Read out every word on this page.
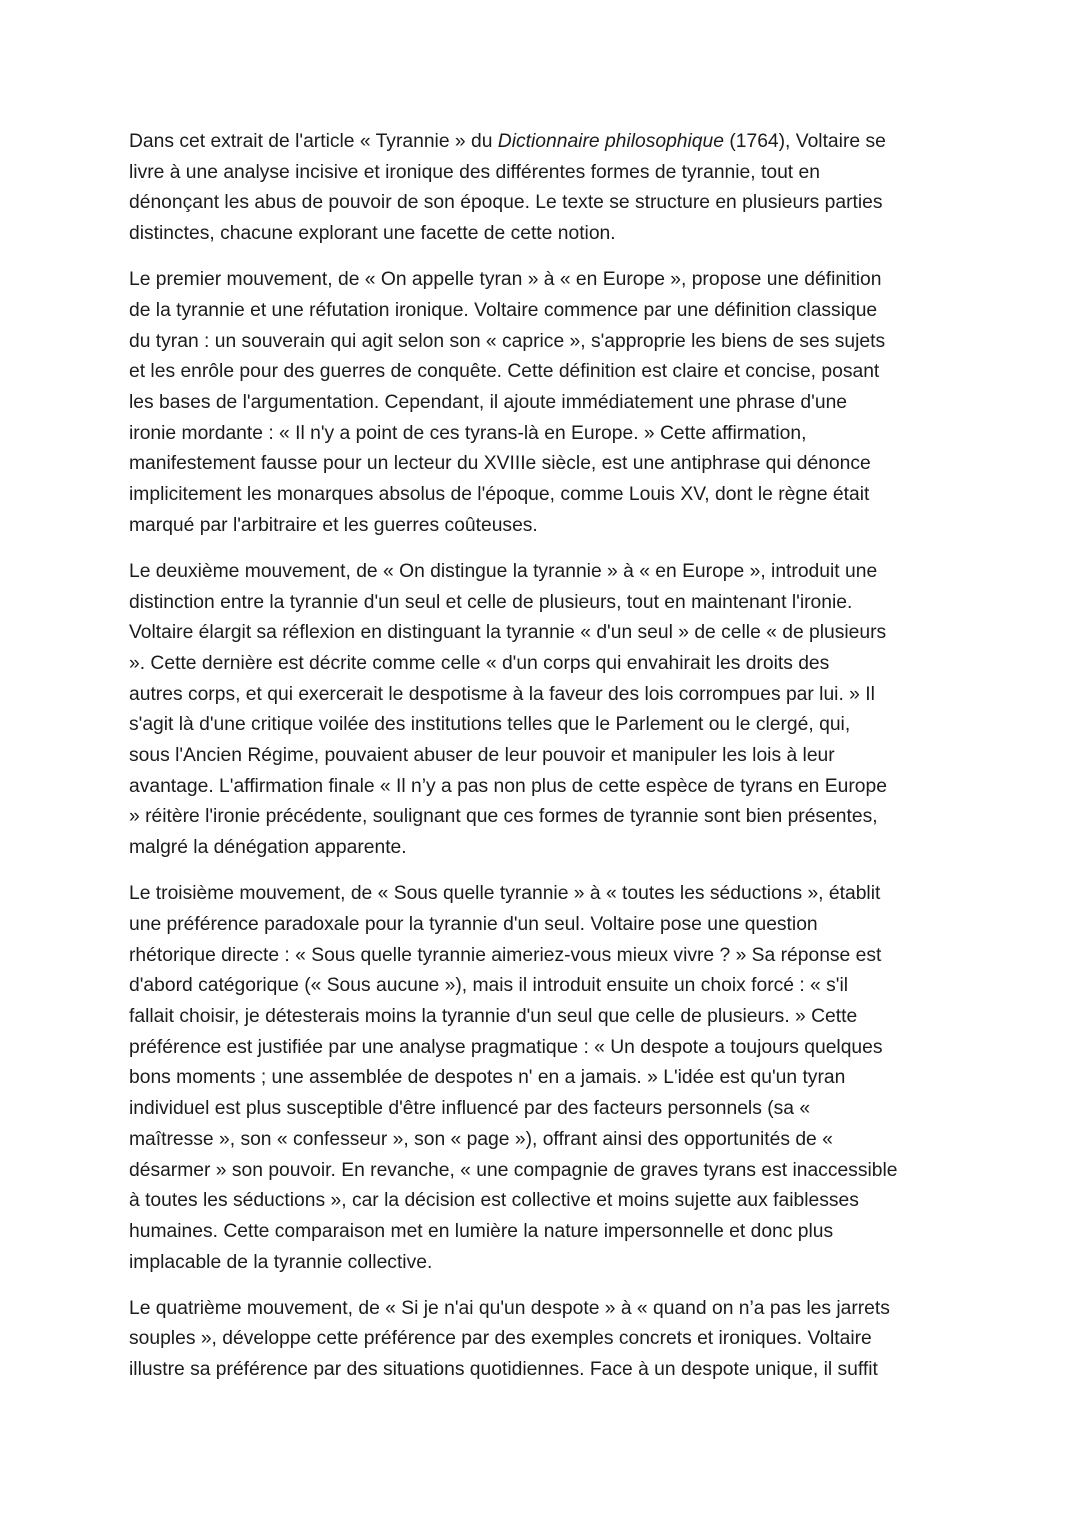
Dans cet extrait de l'article « Tyrannie » du Dictionnaire philosophique (1764), Voltaire se
livre à une analyse incisive et ironique des différentes formes de tyrannie, tout en
dénonçant les abus de pouvoir de son époque. Le texte se structure en plusieurs parties
distinctes, chacune explorant une facette de cette notion.
Le premier mouvement, de « On appelle tyran » à « en Europe », propose une définition
de la tyrannie et une réfutation ironique. Voltaire commence par une définition classique
du tyran : un souverain qui agit selon son « caprice », s'approprie les biens de ses sujets
et les enrôle pour des guerres de conquête. Cette définition est claire et concise, posant
les bases de l'argumentation. Cependant, il ajoute immédiatement une phrase d'une
ironie mordante : « Il n'y a point de ces tyrans-là en Europe. » Cette affirmation,
manifestement fausse pour un lecteur du XVIIIe siècle, est une antiphrase qui dénonce
implicitement les monarques absolus de l'époque, comme Louis XV, dont le règne était
marqué par l'arbitraire et les guerres coûteuses.
Le deuxième mouvement, de « On distingue la tyrannie » à « en Europe », introduit une
distinction entre la tyrannie d'un seul et celle de plusieurs, tout en maintenant l'ironie.
Voltaire élargit sa réflexion en distinguant la tyrannie « d'un seul » de celle « de plusieurs
». Cette dernière est décrite comme celle « d'un corps qui envahirait les droits des
autres corps, et qui exercerait le despotisme à la faveur des lois corrompues par lui. » Il
s'agit là d'une critique voilée des institutions telles que le Parlement ou le clergé, qui,
sous l'Ancien Régime, pouvaient abuser de leur pouvoir et manipuler les lois à leur
avantage. L'affirmation finale « Il n’y a pas non plus de cette espèce de tyrans en Europe
» réitère l'ironie précédente, soulignant que ces formes de tyrannie sont bien présentes,
malgré la dénégation apparente.
Le troisième mouvement, de « Sous quelle tyrannie » à « toutes les séductions », établit
une préférence paradoxale pour la tyrannie d'un seul. Voltaire pose une question
rhétorique directe : « Sous quelle tyrannie aimeriez-vous mieux vivre ? » Sa réponse est
d'abord catégorique (« Sous aucune »), mais il introduit ensuite un choix forcé : « s'il
fallait choisir, je détesterais moins la tyrannie d'un seul que celle de plusieurs. » Cette
préférence est justifiée par une analyse pragmatique : « Un despote a toujours quelques
bons moments ; une assemblée de despotes n' en a jamais. » L'idée est qu'un tyran
individuel est plus susceptible d'être influencé par des facteurs personnels (sa «
maîtresse », son « confesseur », son « page »), offrant ainsi des opportunités de «
désarmer » son pouvoir. En revanche, « une compagnie de graves tyrans est inaccessible
à toutes les séductions », car la décision est collective et moins sujette aux faiblesses
humaines. Cette comparaison met en lumière la nature impersonnelle et donc plus
implacable de la tyrannie collective.
Le quatrième mouvement, de « Si je n'ai qu'un despote » à « quand on n’a pas les jarrets
souples », développe cette préférence par des exemples concrets et ironiques. Voltaire
illustre sa préférence par des situations quotidiennes. Face à un despote unique, il suffit
